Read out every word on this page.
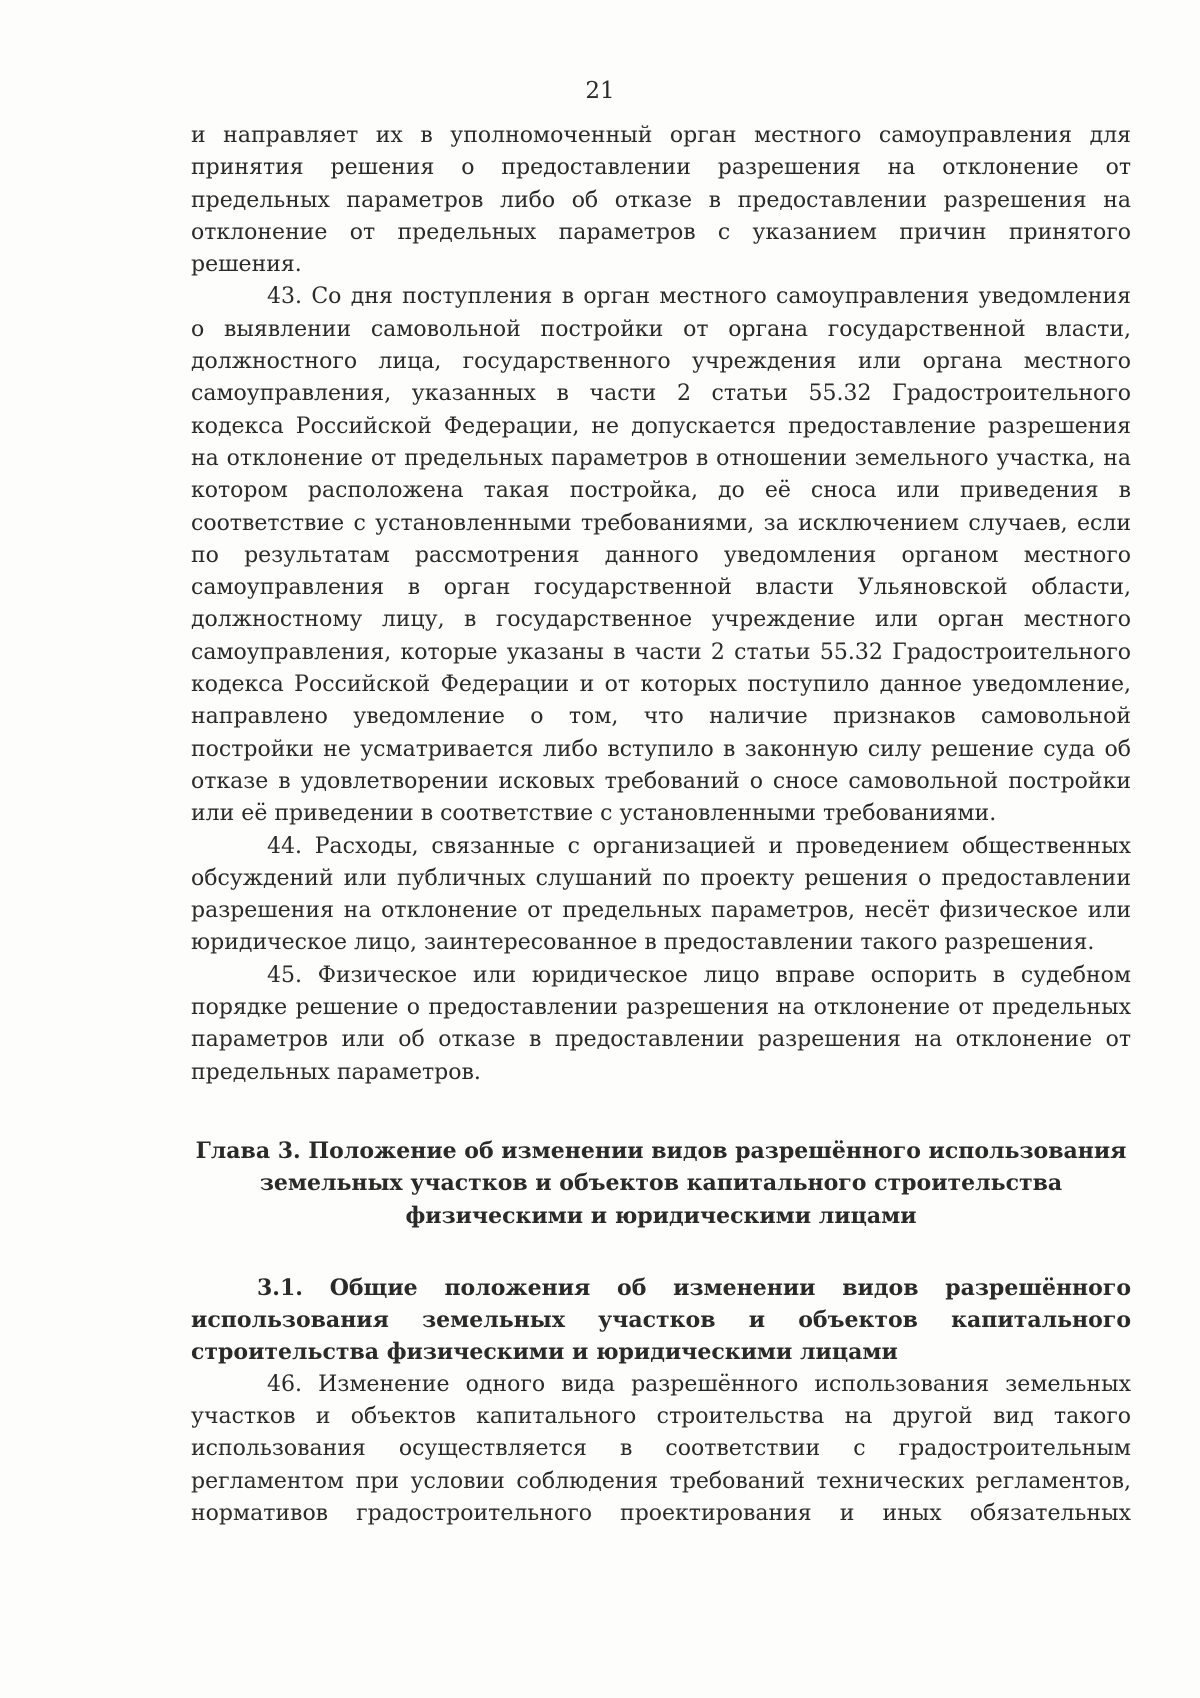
21

и направляет их в уполномоченный орган местного самоуправления для принятия решения о предоставлении разрешения на отклонение от предельных параметров либо об отказе в предоставлении разрешения на отклонение от предельных параметров с указанием причин принятого решения.

43. Со дня поступления в орган местного самоуправления уведомления о выявлении самовольной постройки от органа государственной власти, должностного лица, государственного учреждения или органа местного самоуправления, указанных в части 2 статьи 55.32 Градостроительного кодекса Российской Федерации, не допускается предоставление разрешения на отклонение от предельных параметров в отношении земельного участка, на котором расположена такая постройка, до её сноса или приведения в соответствие с установленными требованиями, за исключением случаев, если по результатам рассмотрения данного уведомления органом местного самоуправления в орган государственной власти Ульяновской области, должностному лицу, в государственное учреждение или орган местного самоуправления, которые указаны в части 2 статьи 55.32 Градостроительного кодекса Российской Федерации и от которых поступило данное уведомление, направлено уведомление о том, что наличие признаков самовольной постройки не усматривается либо вступило в законную силу решение суда об отказе в удовлетворении исковых требований о сносе самовольной постройки или её приведении в соответствие с установленными требованиями.

44. Расходы, связанные с организацией и проведением общественных обсуждений или публичных слушаний по проекту решения о предоставлении разрешения на отклонение от предельных параметров, несёт физическое или юридическое лицо, заинтересованное в предоставлении такого разрешения.

45. Физическое или юридическое лицо вправе оспорить в судебном порядке решение о предоставлении разрешения на отклонение от предельных параметров или об отказе в предоставлении разрешения на отклонение от предельных параметров.

Глава 3. Положение об изменении видов разрешённого использования
земельных участков и объектов капитального строительства
физическими и юридическими лицами

3.1. Общие положения об изменении видов разрешённого использования земельных участков и объектов капитального строительства физическими и юридическими лицами

46. Изменение одного вида разрешённого использования земельных участков и объектов капитального строительства на другой вид такого использования осуществляется в соответствии с градостроительным регламентом при условии соблюдения требований технических регламентов, нормативов градостроительного проектирования и иных обязательных
